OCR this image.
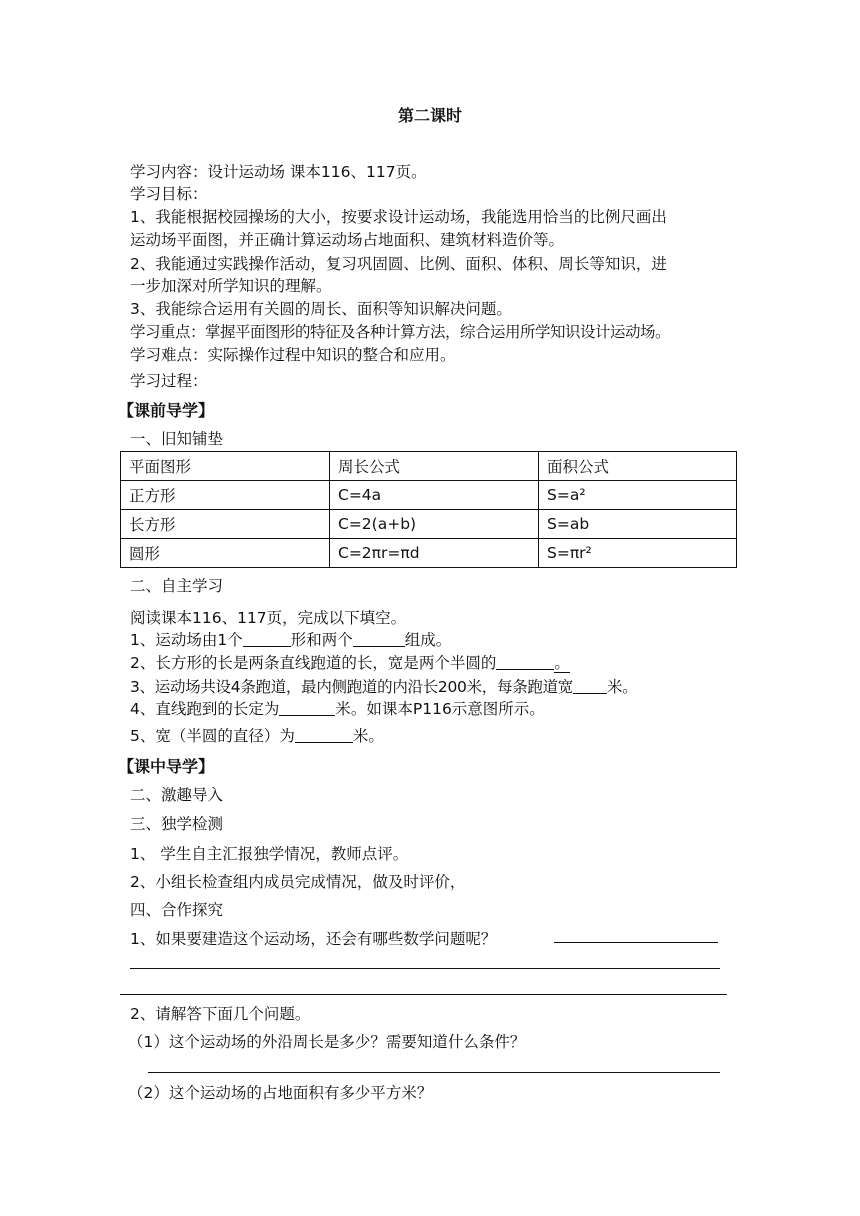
第二课时
学习内容：设计运动场 课本116、117页。
学习目标：
1、我能根据校园操场的大小，按要求设计运动场，我能选用恰当的比例尺画出
运动场平面图，并正确计算运动场占地面积、建筑材料造价等。
2、我能通过实践操作活动，复习巩固圆、比例、面积、体积、周长等知识，进
一步加深对所学知识的理解。
3、我能综合运用有关圆的周长、面积等知识解决问题。
学习重点：掌握平面图形的特征及各种计算方法，综合运用所学知识设计运动场。
学习难点：实际操作过程中知识的整合和应用。
学习过程：
【课前导学】
一、旧知铺垫
平面图形	周长公式	面积公式
正方形	C=4a	S=a²
长方形	C=2(a+b)	S=ab
圆形	C=2πr=πd	S=πr²
二、自主学习
阅读课本116、117页，完成以下填空。
1、运动场由1个	形和两个	组成。
2、长方形的长是两条直线跑道的长，宽是两个半圆的	。
3、运动场共设4条跑道，最内侧跑道的内沿长200米，每条跑道宽 米。
4、直线跑到的长定为	米。如课本P116示意图所示。
5、宽（半圆的直径）为	米。
【课中导学】
二、激趣导入
三、独学检测
1、 学生自主汇报独学情况，教师点评。
2、小组长检查组内成员完成情况，做及时评价，
四、合作探究
1、如果要建造这个运动场，还会有哪些数学问题呢？
2、请解答下面几个问题。
（1）这个运动场的外沿周长是多少？需要知道什么条件？
（2）这个运动场的占地面积有多少平方米？
